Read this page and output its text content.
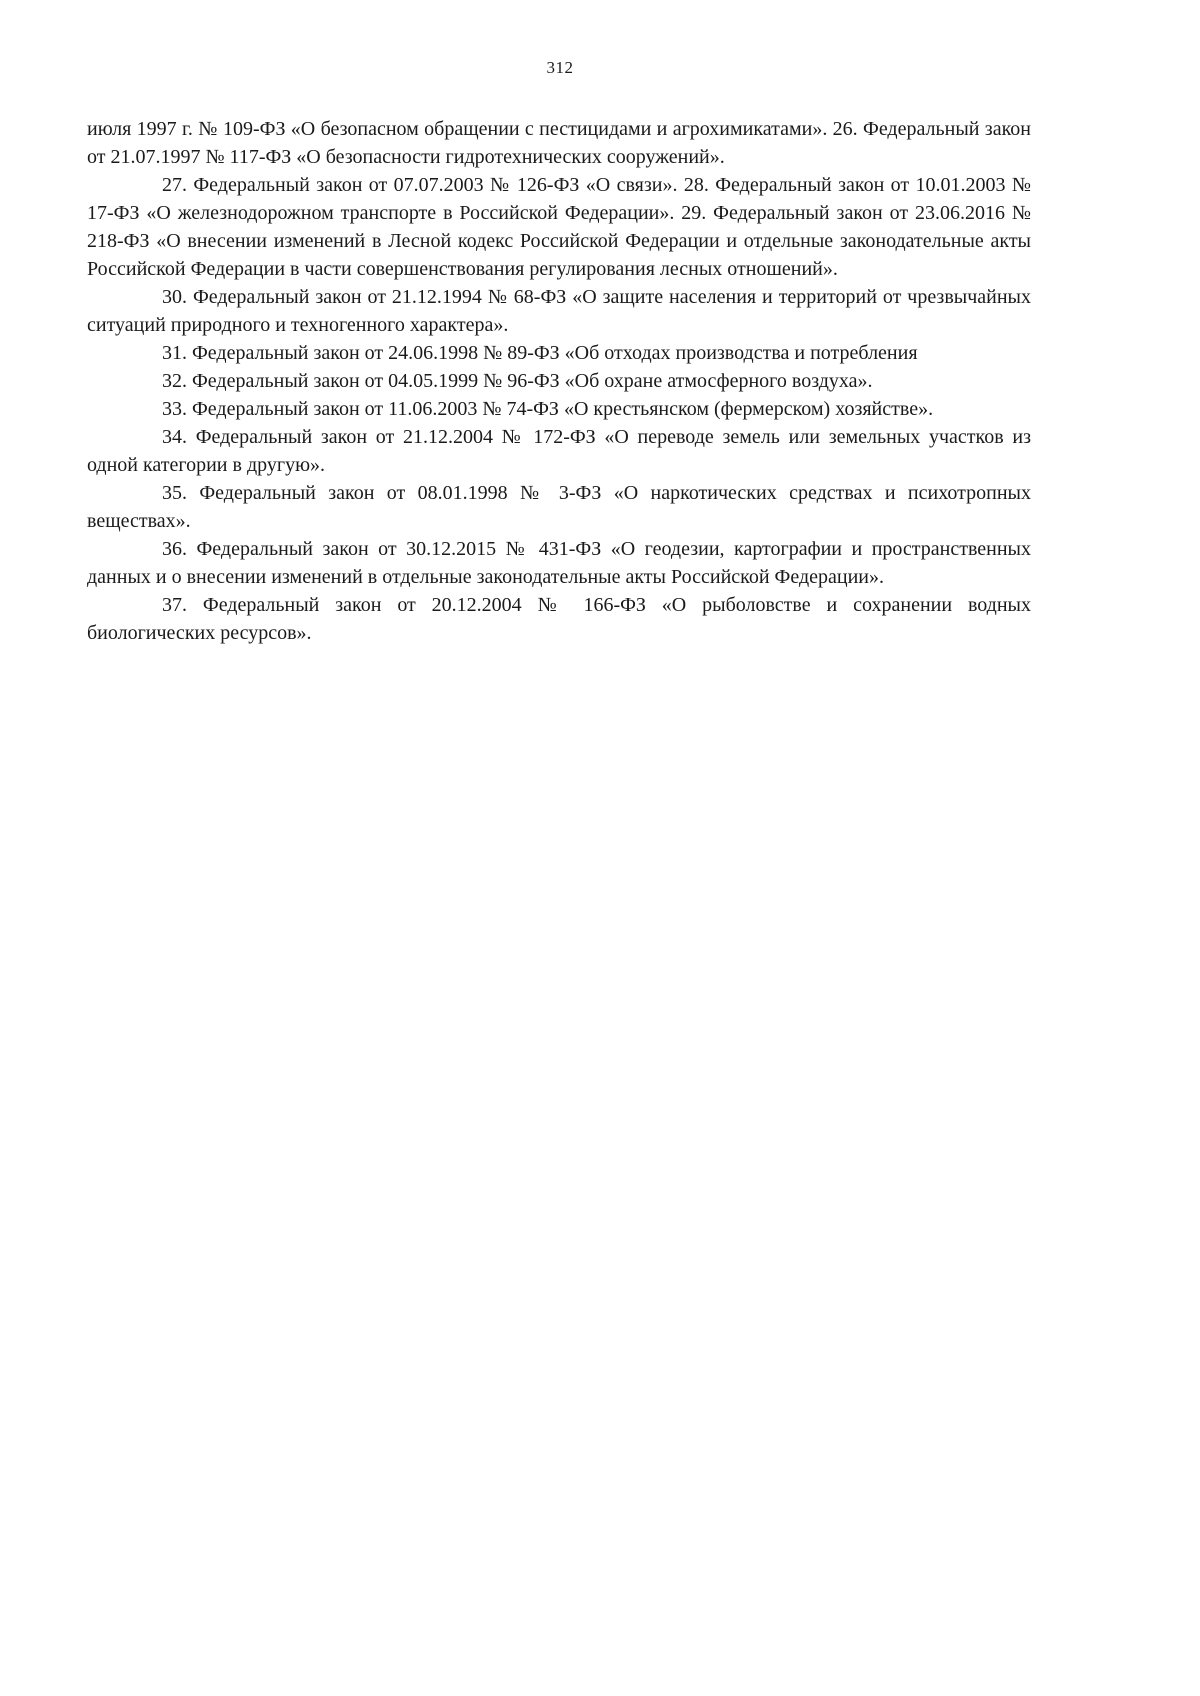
312

июля 1997 г. № 109-ФЗ «О безопасном обращении с пестицидами и агрохимикатами». 26. Федеральный закон от 21.07.1997 № 117-ФЗ «О безопасности гидротехнических сооружений».

27. Федеральный закон от 07.07.2003 № 126-ФЗ «О связи». 28. Федеральный закон от 10.01.2003 № 17-ФЗ «О железнодорожном транспорте в Российской Федерации». 29. Федеральный закон от 23.06.2016 № 218-ФЗ «О внесении изменений в Лесной кодекс Российской Федерации и отдельные законодательные акты Российской Федерации в части совершенствования регулирования лесных отношений».

30. Федеральный закон от 21.12.1994 № 68-ФЗ «О защите населения и территорий от чрезвычайных ситуаций природного и техногенного характера».

31. Федеральный закон от 24.06.1998 № 89-ФЗ «Об отходах производства и потребления

32. Федеральный закон от 04.05.1999 № 96-ФЗ «Об охране атмосферного воздуха».

33. Федеральный закон от 11.06.2003 № 74-ФЗ «О крестьянском (фермерском) хозяйстве».

34. Федеральный закон от 21.12.2004 № 172-ФЗ «О переводе земель или земельных участков из одной категории в другую».

35. Федеральный закон от 08.01.1998 № 3-ФЗ «О наркотических средствах и психотропных веществах».

36. Федеральный закон от 30.12.2015 № 431-ФЗ «О геодезии, картографии и пространственных данных и о внесении изменений в отдельные законодательные акты Российской Федерации».

37. Федеральный закон от 20.12.2004 № 166-ФЗ «О рыболовстве и сохранении водных биологических ресурсов».
